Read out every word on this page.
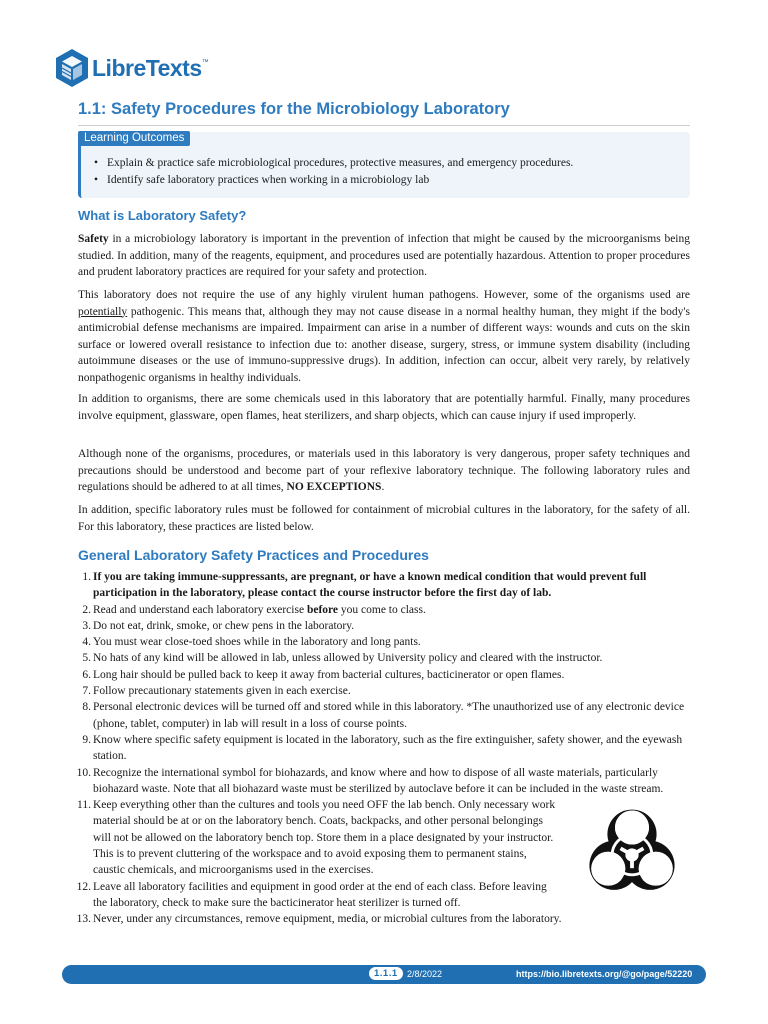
LibreTexts™
1.1: Safety Procedures for the Microbiology Laboratory
Learning Outcomes
• Explain & practice safe microbiological procedures, protective measures, and emergency procedures.
• Identify safe laboratory practices when working in a microbiology lab
What is Laboratory Safety?

Safety in a microbiology laboratory is important in the prevention of infection that might be caused by the microorganisms being studied. In addition, many of the reagents, equipment, and procedures used are potentially hazardous. Attention to proper procedures and prudent laboratory practices are required for your safety and protection.

This laboratory does not require the use of any highly virulent human pathogens. However, some of the organisms used are potentially pathogenic. This means that, although they may not cause disease in a normal healthy human, they might if the body's antimicrobial defense mechanisms are impaired. Impairment can arise in a number of different ways: wounds and cuts on the skin surface or lowered overall resistance to infection due to: another disease, surgery, stress, or immune system disability (including autoimmune diseases or the use of immuno-suppressive drugs). In addition, infection can occur, albeit very rarely, by relatively nonpathogenic organisms in healthy individuals.

In addition to organisms, there are some chemicals used in this laboratory that are potentially harmful. Finally, many procedures involve equipment, glassware, open flames, heat sterilizers, and sharp objects, which can cause injury if used improperly.

Although none of the organisms, procedures, or materials used in this laboratory is very dangerous, proper safety techniques and precautions should be understood and become part of your reflexive laboratory technique. The following laboratory rules and regulations should be adhered to at all times, NO EXCEPTIONS.

In addition, specific laboratory rules must be followed for containment of microbial cultures in the laboratory, for the safety of all. For this laboratory, these practices are listed below.

General Laboratory Safety Practices and Procedures
1. If you are taking immune-suppressants, are pregnant, or have a known medical condition that would prevent full participation in the laboratory, please contact the course instructor before the first day of lab.
2. Read and understand each laboratory exercise before you come to class.
3. Do not eat, drink, smoke, or chew pens in the laboratory.
4. You must wear close-toed shoes while in the laboratory and long pants.
5. No hats of any kind will be allowed in lab, unless allowed by University policy and cleared with the instructor.
6. Long hair should be pulled back to keep it away from bacterial cultures, bacticinerator or open flames.
7. Follow precautionary statements given in each exercise.
8. Personal electronic devices will be turned off and stored while in this laboratory. *The unauthorized use of any electronic device (phone, tablet, computer) in lab will result in a loss of course points.
9. Know where specific safety equipment is located in the laboratory, such as the fire extinguisher, safety shower, and the eyewash station.
10. Recognize the international symbol for biohazards, and know where and how to dispose of all waste materials, particularly biohazard waste. Note that all biohazard waste must be sterilized by autoclave before it can be included in the waste stream.
11. Keep everything other than the cultures and tools you need OFF the lab bench. Only necessary work material should be at or on the laboratory bench. Coats, backpacks, and other personal belongings will not be allowed on the laboratory bench top. Store them in a place designated by your instructor. This is to prevent cluttering of the workspace and to avoid exposing them to permanent stains, caustic chemicals, and microorganisms used in the exercises.
12. Leave all laboratory facilities and equipment in good order at the end of each class. Before leaving the laboratory, check to make sure the bacticinerator heat sterilizer is turned off.
13. Never, under any circumstances, remove equipment, media, or microbial cultures from the laboratory.
1.1.1	2/8/2022	https://bio.libretexts.org/@go/page/52220
